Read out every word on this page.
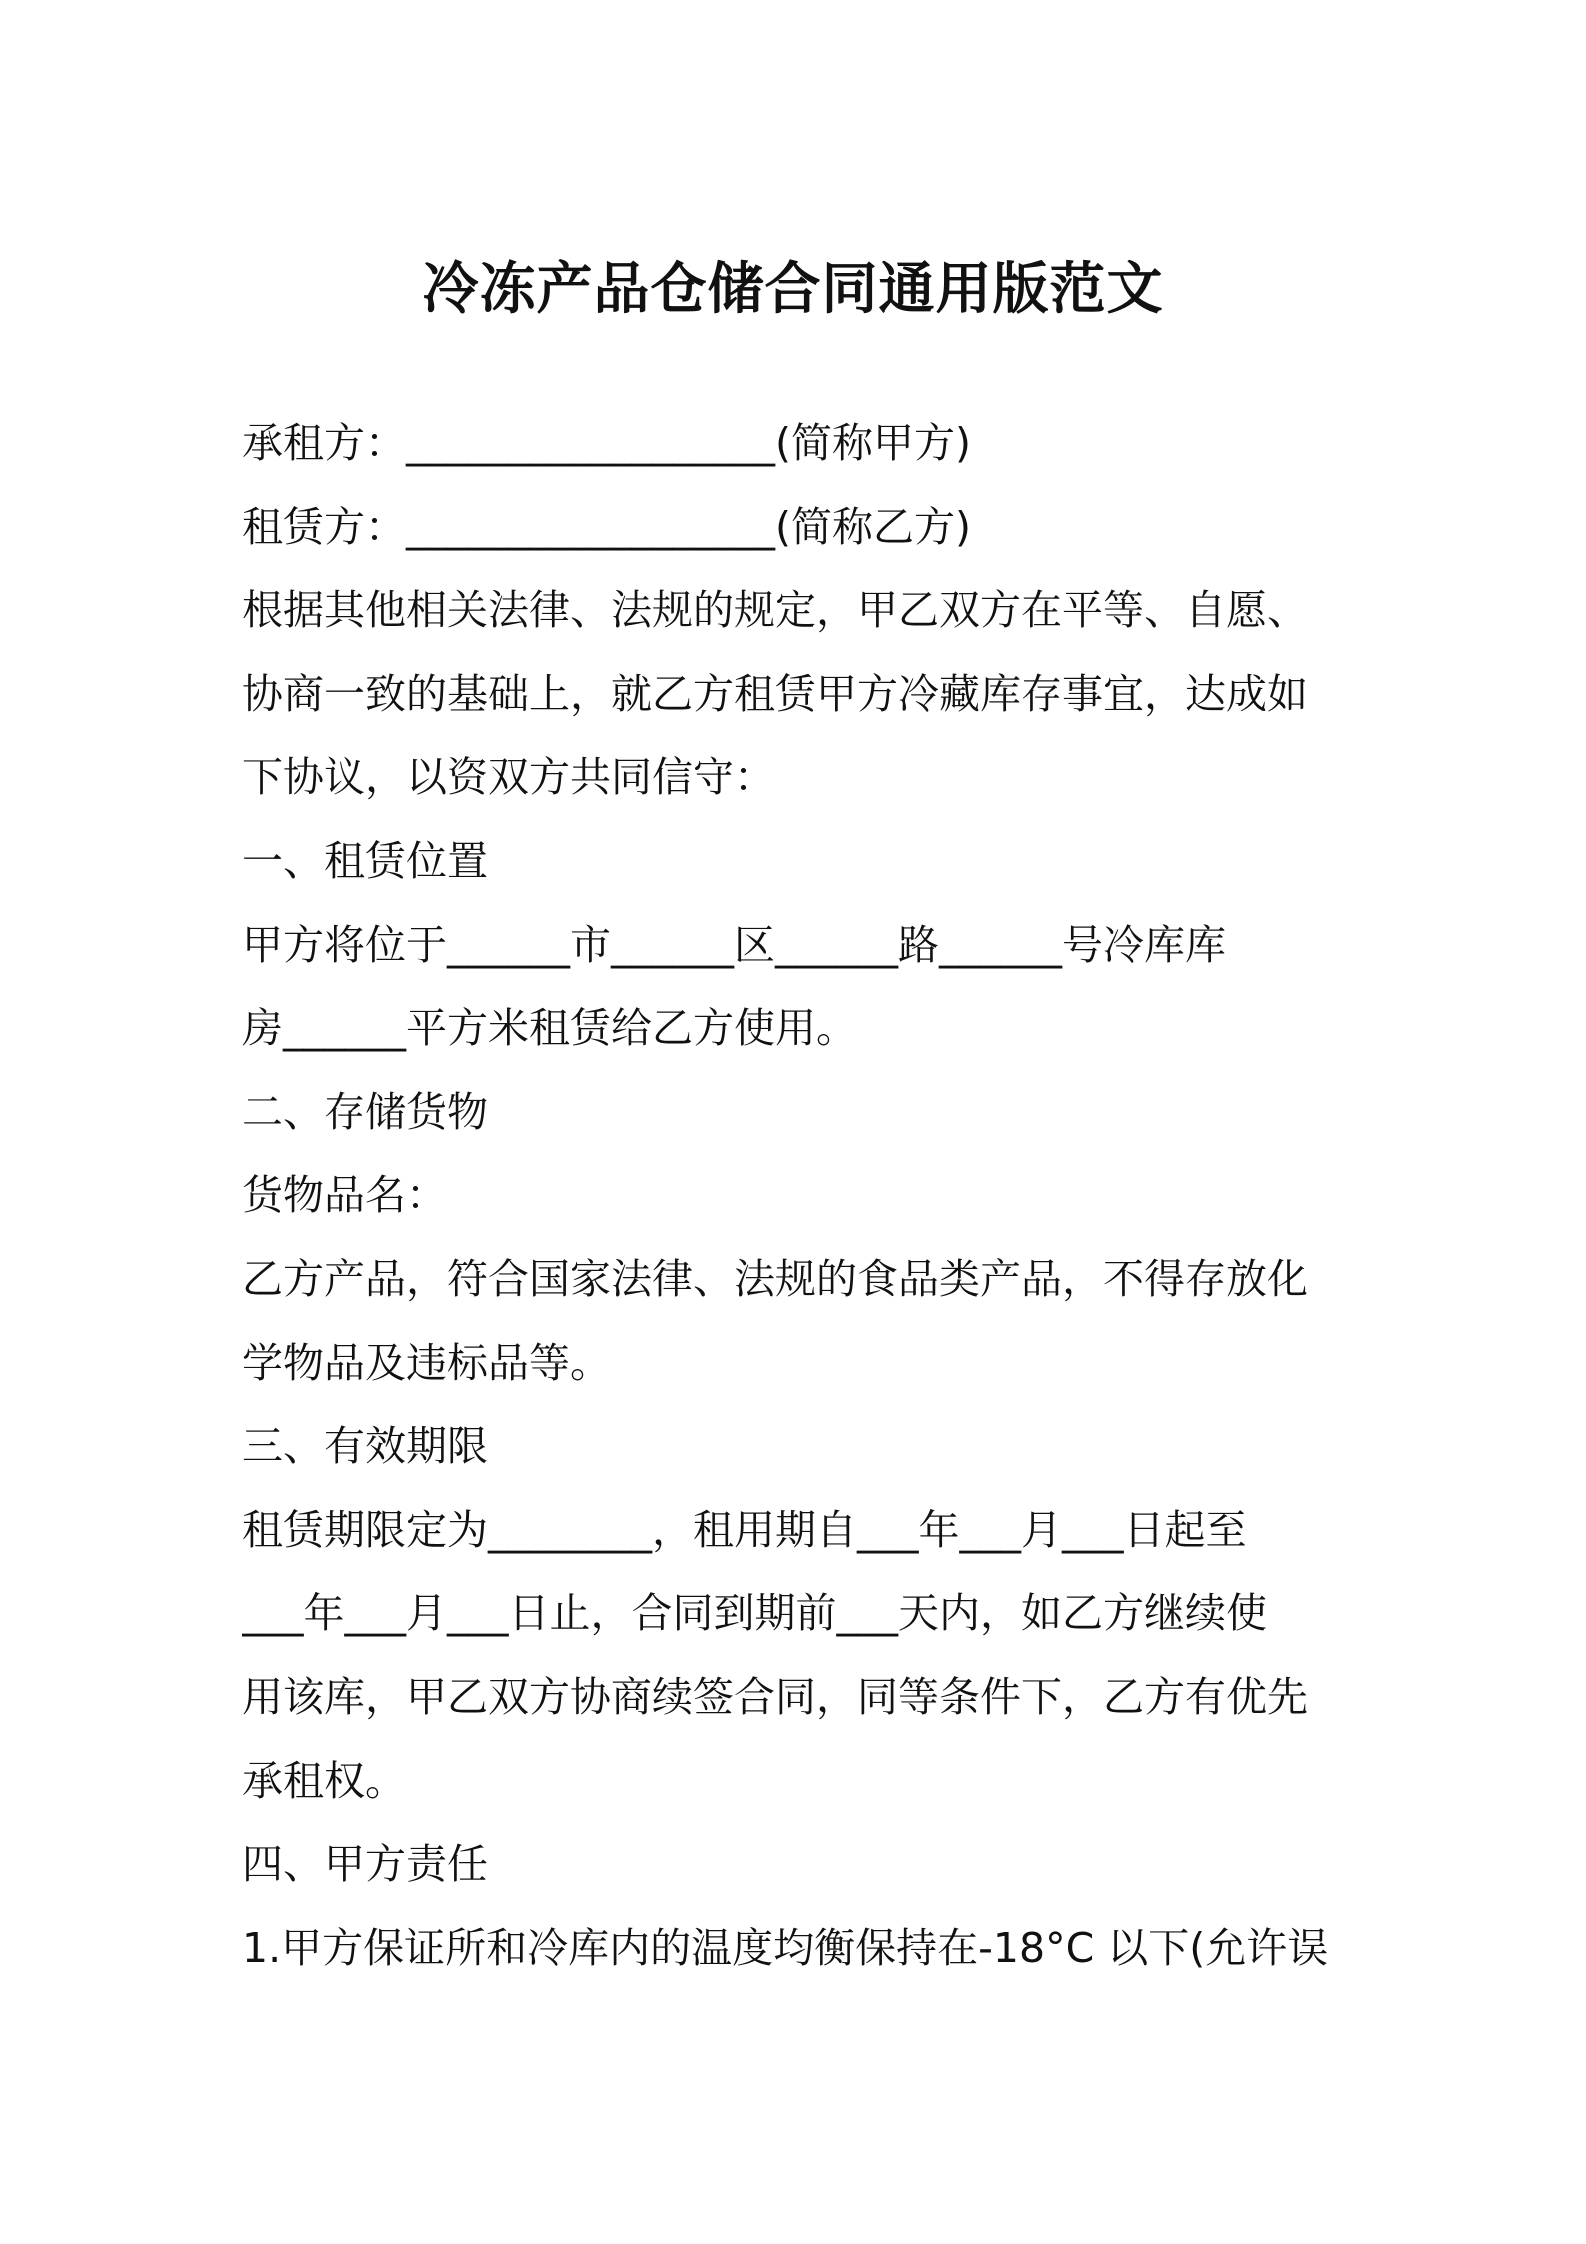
冷冻产品仓储合同通用版范文
承租方：__________________(简称甲方)
租赁方：__________________(简称乙方)
根据其他相关法律、法规的规定，甲乙双方在平等、自愿、
协商一致的基础上，就乙方租赁甲方冷藏库存事宜，达成如
下协议，以资双方共同信守：
一、租赁位置
甲方将位于______市______区______路______号冷库库
房______平方米租赁给乙方使用。
二、存储货物
货物品名：
乙方产品，符合国家法律、法规的食品类产品，不得存放化
学物品及违标品等。
三、有效期限
租赁期限定为________，租用期自___年___月___日起至
___年___月___日止，合同到期前___天内，如乙方继续使
用该库，甲乙双方协商续签合同，同等条件下，乙方有优先
承租权。
四、甲方责任
1.甲方保证所和冷库内的温度均衡保持在-18°C 以下(允许误
